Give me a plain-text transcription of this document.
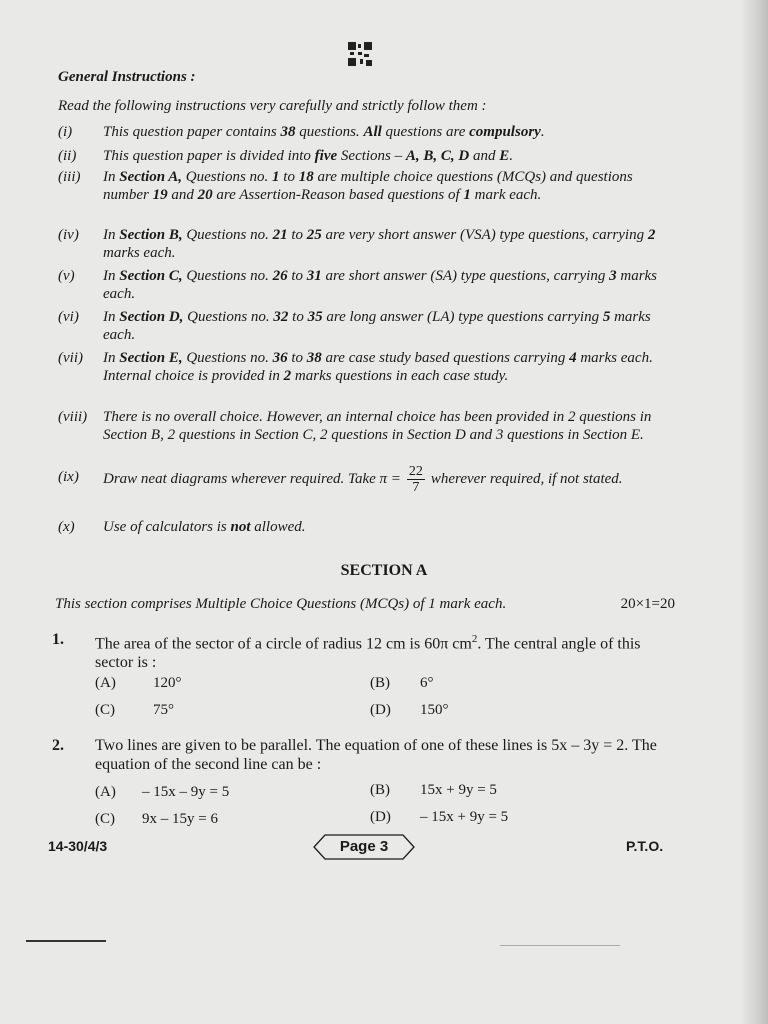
General Instructions :
Read the following instructions very carefully and strictly follow them :
(i)	This question paper contains 38 questions. All questions are compulsory.
(ii)	This question paper is divided into five Sections – A, B, C, D and E.
(iii)	In Section A, Questions no. 1 to 18 are multiple choice questions (MCQs) and questions number 19 and 20 are Assertion-Reason based questions of 1 mark each.
(iv)	In Section B, Questions no. 21 to 25 are very short answer (VSA) type questions, carrying 2 marks each.
(v)	In Section C, Questions no. 26 to 31 are short answer (SA) type questions, carrying 3 marks each.
(vi)	In Section D, Questions no. 32 to 35 are long answer (LA) type questions carrying 5 marks each.
(vii)	In Section E, Questions no. 36 to 38 are case study based questions carrying 4 marks each. Internal choice is provided in 2 marks questions in each case study.
(viii)	There is no overall choice. However, an internal choice has been provided in 2 questions in Section B, 2 questions in Section C, 2 questions in Section D and 3 questions in Section E.
(ix)	Draw neat diagrams wherever required. Take $\pi = \frac{22}{7}$ wherever required, if not stated.
(x)	Use of calculators is not allowed.
SECTION A
This section comprises Multiple Choice Questions (MCQs) of 1 mark each.	20×1=20
1. The area of the sector of a circle of radius 12 cm is 60π $cm^2$. The central angle of this sector is :
(A) 120°	(B) 6°
(C)	75°	(D) 150°
2. Two lines are given to be parallel. The equation of one of these lines is 5x – 3y = 2. The equation of the second line can be :
(A) – 15x – 9y = 5	(B) 15x + 9y = 5
(C) 9x – 15y = 6	(D) – 15x + 9y = 5
14-30/4/3	Page 3	P.T.O.
